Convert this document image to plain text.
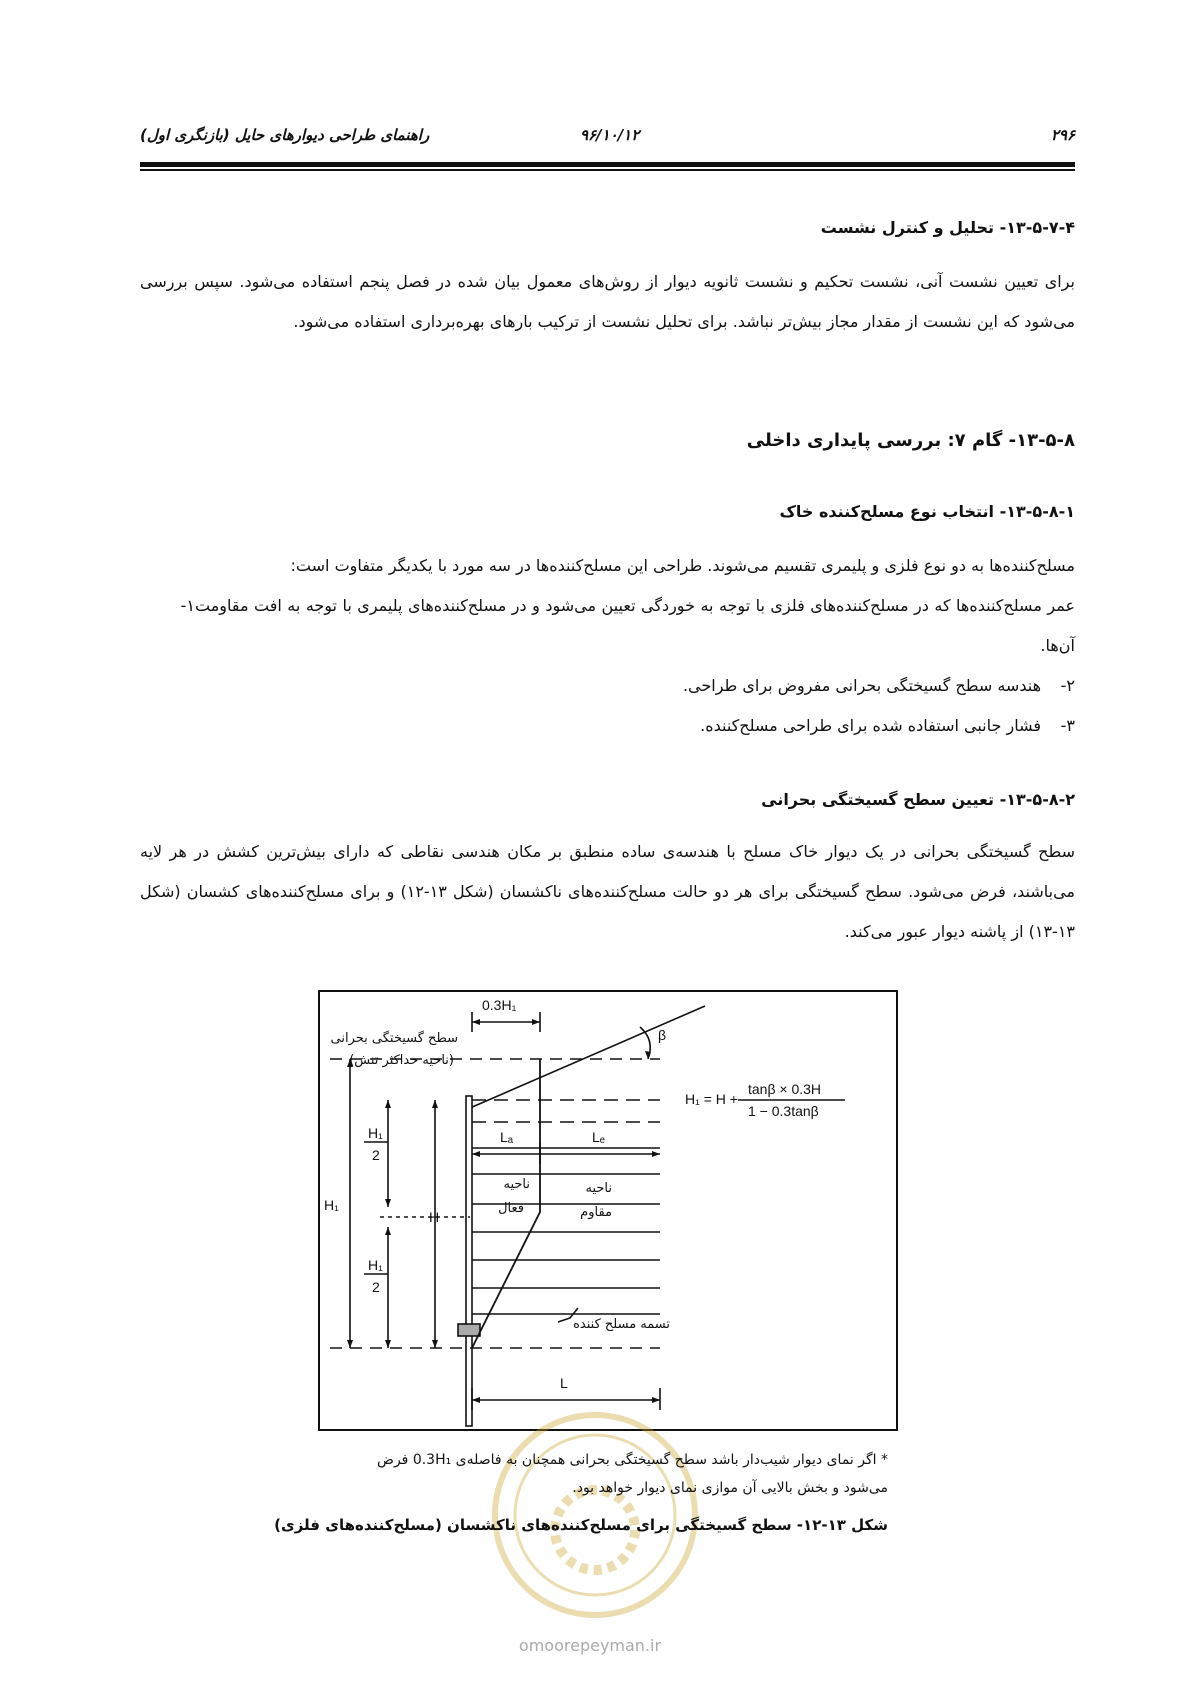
۲۹۶
۹۶/۱۰/۱۲
راهنمای طراحی دیوارهای حایل (بازنگری اول)
۱۳-۵-۷-۴- تحلیل و کنترل نشست
برای تعیین نشست آنی، نشست تحکیم و نشست ثانویه دیوار از روش‌های معمول بیان شده در فصل پنجم استفاده می‌شود. سپس بررسی می‌شود که این نشست از مقدار مجاز بیش‌تر نباشد. برای تحلیل نشست از ترکیب بارهای بهره‌برداری استفاده می‌شود.
۱۳-۵-۸- گام ۷: بررسی پایداری داخلی
۱۳-۵-۸-۱- انتخاب نوع مسلح‌کننده خاک
مسلح‌کننده‌ها به دو نوع فلزی و پلیمری تقسیم می‌شوند. طراحی این مسلح‌کننده‌ها در سه مورد با یکدیگر متفاوت است:
۱-عمر مسلح‌کننده‌ها که در مسلح‌کننده‌های فلزی با توجه به خوردگی تعیین می‌شود و در مسلح‌کننده‌های پلیمری با توجه به افت مقاومت آن‌ها.
۲-هندسه سطح گسیختگی بحرانی مفروض برای طراحی.
۳-فشار جانبی استفاده شده برای طراحی مسلح‌کننده.
۱۳-۵-۸-۲- تعیین سطح گسیختگی بحرانی
سطح گسیختگی بحرانی در یک دیوار خاک مسلح با هندسه‌ی ساده منطبق بر مکان هندسی نقاطی که دارای بیش‌ترین کشش در هر لایه می‌باشند، فرض می‌شود. سطح گسیختگی برای هر دو حالت مسلح‌کننده‌های ناکشسان (شکل ۱۳-۱۲) و برای مسلح‌کننده‌های کشسان (شکل ۱۳-۱۳) از پاشنه دیوار عبور می‌کند.
0.3H₁
β
H₁
H
H₁
2
H₁
2
Lₐ	Lₑ
L
H₁ = H +
tanβ × 0.3H
1 − 0.3tanβ
سطح گسیختگی بحرانی
(ناحیه حداکثر تنش)
ناحیه
فعال
ناحیه
مقاوم
تسمه مسلح کننده
* اگر نمای دیوار شیب‌دار باشد سطح گسیختگی بحرانی همچنان به فاصله‌ی 0.3H₁ فرض
می‌شود و بخش بالایی آن موازی نمای دیوار خواهد بود.
شکل ۱۳-۱۲- سطح گسیختگی برای مسلح‌کننده‌های ناکشسان (مسلح‌کننده‌های فلزی)
omoorepeyman.ir
